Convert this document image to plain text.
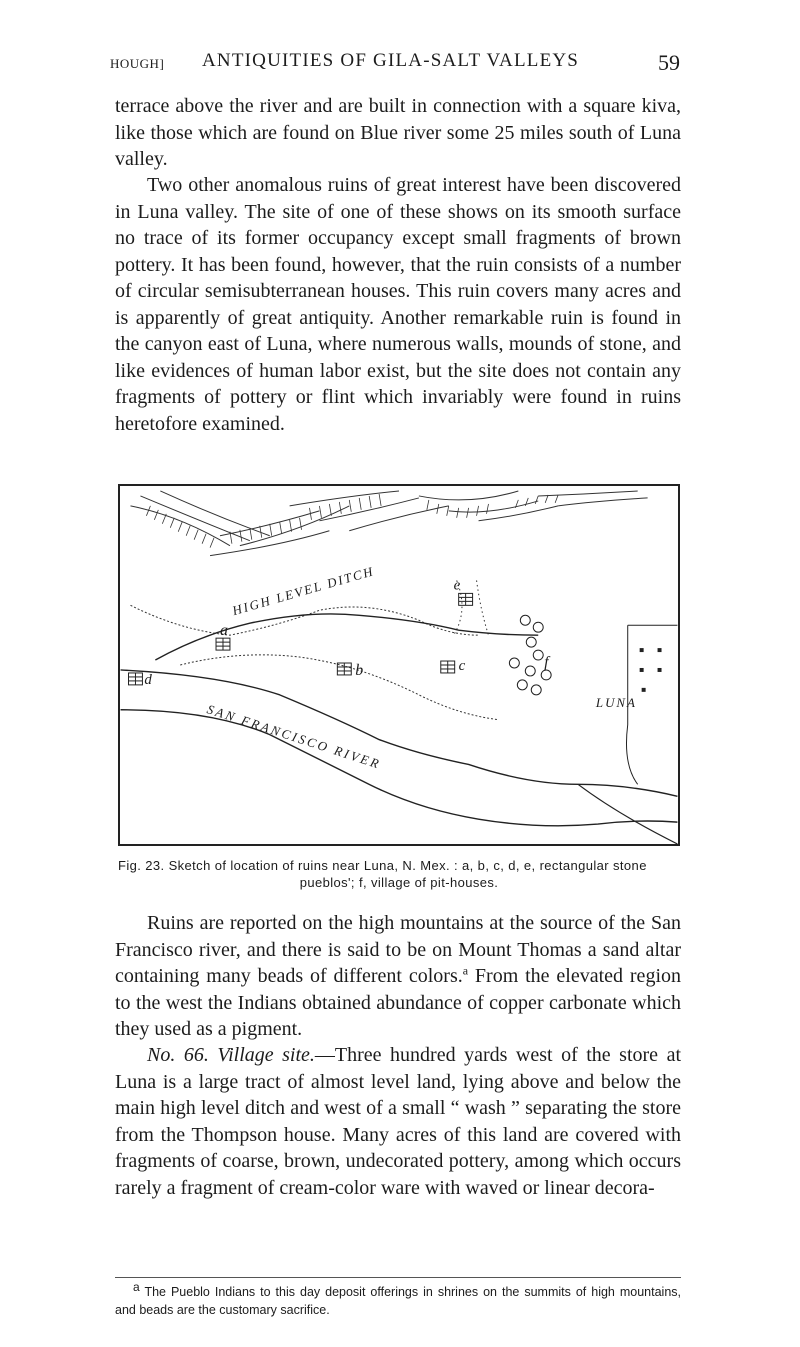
HOUGH] ANTIQUITIES OF GILA-SALT VALLEYS	59

terrace above the river and are built in connection with a square kiva, like those which are found on Blue river some 25 miles south of Luna valley.

Two other anomalous ruins of great interest have been discovered in Luna valley. The site of one of these shows on its smooth surface no trace of its former occupancy except small fragments of brown pottery. It has been found, however, that the ruin consists of a number of circular semisubterranean houses. This ruin covers many acres and is apparently of great antiquity. Another remarkable ruin is found in the canyon east of Luna, where numerous walls, mounds of stone, and like evidences of human labor exist, but the site does not contain any fragments of pottery or flint which invariably were found in ruins heretofore examined.

HIGH LEVEL DITCH
a
b	c
d
e
f
SAN FRANCISCO RIVER	LUNA

Fig. 23. Sketch of location of ruins near Luna, N. Mex. : a, b, c, d, e, rectangular stone
pueblos'; f, village of pit-houses.

Ruins are reported on the high mountains at the source of the San Francisco river, and there is said to be on Mount Thomas a sand altar containing many beads of different colors.$^a$ From the elevated region to the west the Indians obtained abundance of copper carbonate which they used as a pigment.

No. 66. Village site.—Three hundred yards west of the store at Luna is a large tract of almost level land, lying above and below the main high level ditch and west of a small “ wash ” separating the store from the Thompson house. Many acres of this land are covered with fragments of coarse, brown, undecorated pottery, among which occurs rarely a fragment of cream-color ware with waved or linear decora-

$^a$ The Pueblo Indians to this day deposit offerings in shrines on the summits of high mountains, and beads are the customary sacrifice.
